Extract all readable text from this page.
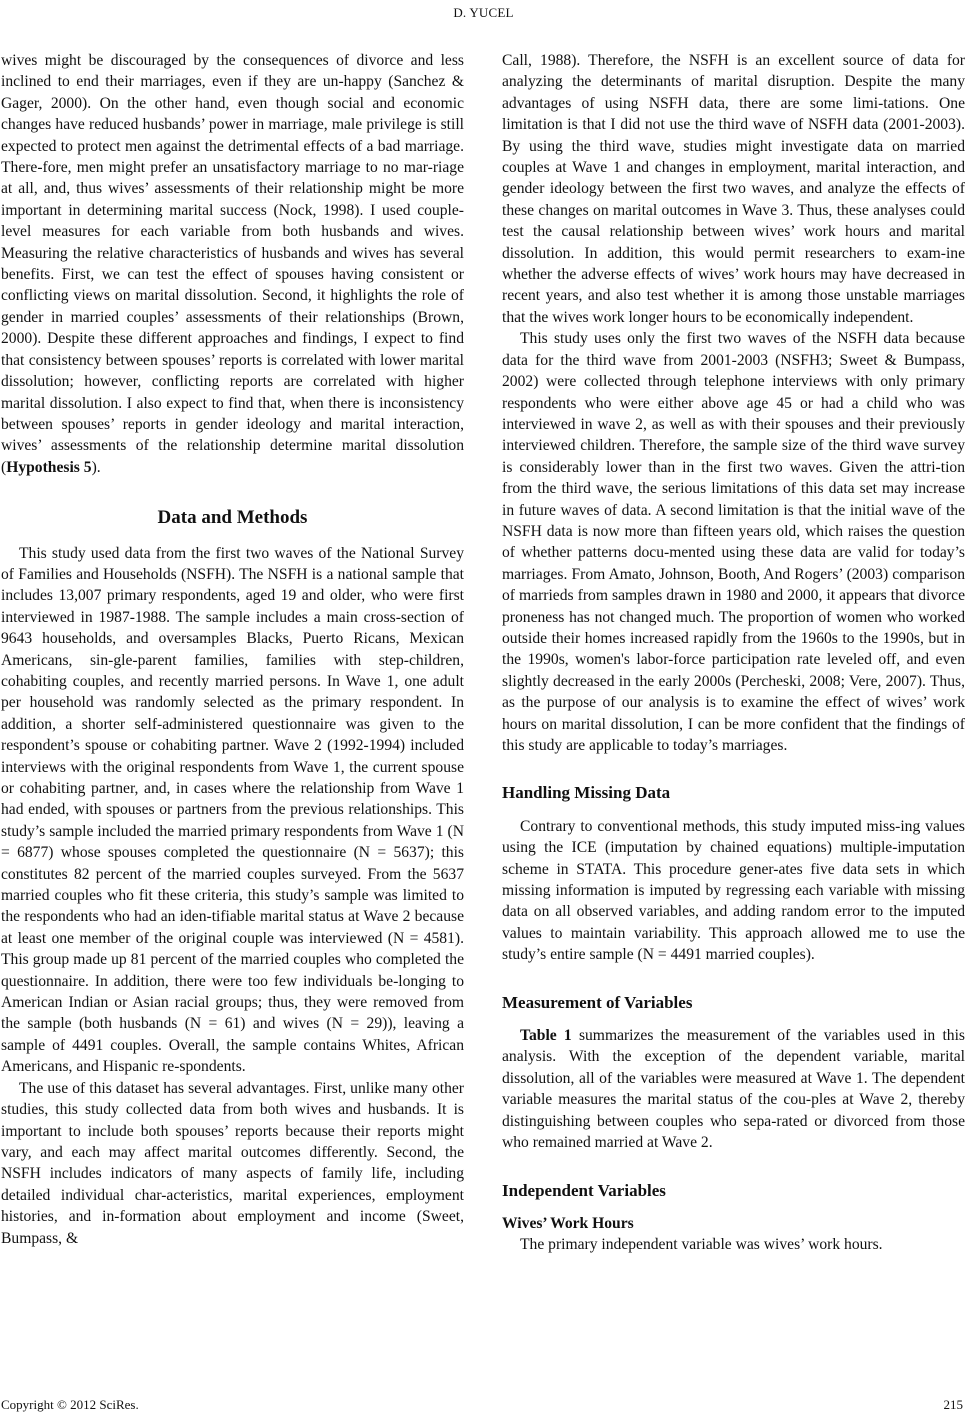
D. YUCEL

wives might be discouraged by the consequences of divorce and less inclined to end their marriages, even if they are un-happy (Sanchez & Gager, 2000). On the other hand, even though social and economic changes have reduced husbands’ power in marriage, male privilege is still expected to protect men against the detrimental effects of a bad marriage. There-fore, men might prefer an unsatisfactory marriage to no mar-riage at all, and, thus wives’ assessments of their relationship might be more important in determining marital success (Nock, 1998). I used couple-level measures for each variable from both husbands and wives. Measuring the relative characteristics of husbands and wives has several benefits. First, we can test the effect of spouses having consistent or conflicting views on marital dissolution. Second, it highlights the role of gender in married couples’ assessments of their relationships (Brown, 2000). Despite these different approaches and findings, I expect to find that consistency between spouses’ reports is correlated with lower marital dissolution; however, conflicting reports are correlated with higher marital dissolution. I also expect to find that, when there is inconsistency between spouses’ reports in gender ideology and marital interaction, wives’ assessments of the relationship determine marital dissolution (Hypothesis 5).

Data and Methods

This study used data from the first two waves of the National Survey of Families and Households (NSFH). The NSFH is a national sample that includes 13,007 primary respondents, aged 19 and older, who were first interviewed in 1987-1988. The sample includes a main cross-section of 9643 households, and oversamples Blacks, Puerto Ricans, Mexican Americans, sin-gle-parent families, families with step-children, cohabiting couples, and recently married persons. In Wave 1, one adult per household was randomly selected as the primary respondent. In addition, a shorter self-administered questionnaire was given to the respondent’s spouse or cohabiting partner. Wave 2 (1992-1994) included interviews with the original respondents from Wave 1, the current spouse or cohabiting partner, and, in cases where the relationship from Wave 1 had ended, with spouses or partners from the previous relationships. This study’s sample included the married primary respondents from Wave 1 (N = 6877) whose spouses completed the questionnaire (N = 5637); this constitutes 82 percent of the married couples surveyed. From the 5637 married couples who fit these criteria, this study’s sample was limited to the respondents who had an iden-tifiable marital status at Wave 2 because at least one member of the original couple was interviewed (N = 4581). This group made up 81 percent of the married couples who completed the questionnaire. In addition, there were too few individuals be-longing to American Indian or Asian racial groups; thus, they were removed from the sample (both husbands (N = 61) and wives (N = 29)), leaving a sample of 4491 couples. Overall, the sample contains Whites, African Americans, and Hispanic re-spondents.

The use of this dataset has several advantages. First, unlike many other studies, this study collected data from both wives and husbands. It is important to include both spouses’ reports because their reports might vary, and each may affect marital outcomes differently. Second, the NSFH includes indicators of many aspects of family life, including detailed individual char-acteristics, marital experiences, employment histories, and in-formation about employment and income (Sweet, Bumpass, &

Call, 1988). Therefore, the NSFH is an excellent source of data for analyzing the determinants of marital disruption. Despite the many advantages of using NSFH data, there are some limi-tations. One limitation is that I did not use the third wave of NSFH data (2001-2003). By using the third wave, studies might investigate data on married couples at Wave 1 and changes in employment, marital interaction, and gender ideology between the first two waves, and analyze the effects of these changes on marital outcomes in Wave 3. Thus, these analyses could test the causal relationship between wives’ work hours and marital dissolution. In addition, this would permit researchers to exam-ine whether the adverse effects of wives’ work hours may have decreased in recent years, and also test whether it is among those unstable marriages that the wives work longer hours to be economically independent.

This study uses only the first two waves of the NSFH data because data for the third wave from 2001-2003 (NSFH3; Sweet & Bumpass, 2002) were collected through telephone interviews with only primary respondents who were either above age 45 or had a child who was interviewed in wave 2, as well as with their spouses and their previously interviewed children. Therefore, the sample size of the third wave survey is considerably lower than in the first two waves. Given the attri-tion from the third wave, the serious limitations of this data set may increase in future waves of data. A second limitation is that the initial wave of the NSFH data is now more than fifteen years old, which raises the question of whether patterns docu-mented using these data are valid for today’s marriages. From Amato, Johnson, Booth, And Rogers’ (2003) comparison of marrieds from samples drawn in 1980 and 2000, it appears that divorce proneness has not changed much. The proportion of women who worked outside their homes increased rapidly from the 1960s to the 1990s, but in the 1990s, women's labor-force participation rate leveled off, and even slightly decreased in the early 2000s (Percheski, 2008; Vere, 2007). Thus, as the purpose of our analysis is to examine the effect of wives’ work hours on marital dissolution, I can be more confident that the findings of this study are applicable to today’s marriages.

Handling Missing Data

Contrary to conventional methods, this study imputed miss-ing values using the ICE (imputation by chained equations) multiple-imputation scheme in STATA. This procedure gener-ates five data sets in which missing information is imputed by regressing each variable with missing data on all observed variables, and adding random error to the imputed values to maintain variability. This approach allowed me to use the study’s entire sample (N = 4491 married couples).

Measurement of Variables

Table 1 summarizes the measurement of the variables used in this analysis. With the exception of the dependent variable, marital dissolution, all of the variables were measured at Wave 1. The dependent variable measures the marital status of the cou-ples at Wave 2, thereby distinguishing between couples who sepa-rated or divorced from those who remained married at Wave 2.

Independent Variables
Wives’ Work Hours

The primary independent variable was wives’ work hours.

Copyright © 2012 SciRes.	215
